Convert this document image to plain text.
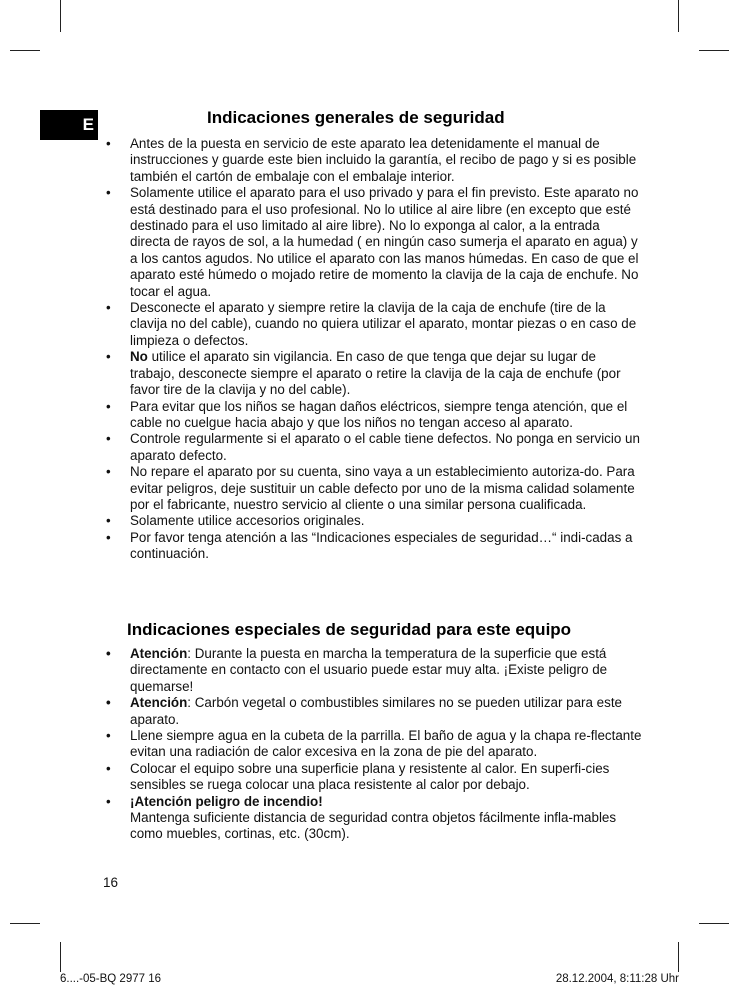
E	Indicaciones generales de seguridad
• Antes de la puesta en servicio de este aparato lea detenidamente el manual de instrucciones y guarde este bien incluido la garantía, el recibo de pago y si es posible también el cartón de embalaje con el embalaje interior.
• Solamente utilice el aparato para el uso privado y para el fin previsto. Este aparato no está destinado para el uso profesional. No lo utilice al aire libre (en excepto que esté destinado para el uso limitado al aire libre). No lo exponga al calor, a la entrada directa de rayos de sol, a la humedad ( en ningún caso sumerja el aparato en agua) y a los cantos agudos. No utilice el aparato con las manos húmedas. En caso de que el aparato esté húmedo o mojado retire de momento la clavija de la caja de enchufe. No tocar el agua.
• Desconecte el aparato y siempre retire la clavija de la caja de enchufe (tire de la clavija no del cable), cuando no quiera utilizar el aparato, montar piezas o en caso de limpieza o defectos.
• No utilice el aparato sin vigilancia. En caso de que tenga que dejar su lugar de trabajo, desconecte siempre el aparato o retire la clavija de la caja de enchufe (por favor tire de la clavija y no del cable).
• Para evitar que los niños se hagan daños eléctricos, siempre tenga atención, que el cable no cuelgue hacia abajo y que los niños no tengan acceso al aparato.
• Controle regularmente si el aparato o el cable tiene defectos. No ponga en servicio un aparato defecto.
• No repare el aparato por su cuenta, sino vaya a un establecimiento autoriza-do. Para evitar peligros, deje sustituir un cable defecto por uno de la misma calidad solamente por el fabricante, nuestro servicio al cliente o una similar persona cualificada.
• Solamente utilice accesorios originales.
• Por favor tenga atención a las “Indicaciones especiales de seguridad…“ indi-cadas a continuación.
Indicaciones especiales de seguridad para este equipo
• Atención: Durante la puesta en marcha la temperatura de la superficie que está directamente en contacto con el usuario puede estar muy alta. ¡Existe peligro de quemarse!
• Atención: Carbón vegetal o combustibles similares no se pueden utilizar para este aparato.
• Llene siempre agua en la cubeta de la parrilla. El baño de agua y la chapa re-flectante evitan una radiación de calor excesiva en la zona de pie del aparato.
• Colocar el equipo sobre una superficie plana y resistente al calor. En superfi-cies sensibles se ruega colocar una placa resistente al calor por debajo.
• ¡Atención peligro de incendio!
Mantenga suficiente distancia de seguridad contra objetos fácilmente infla-mables como muebles, cortinas, etc. (30cm).
16
6....-05-BQ 2977 16	28.12.2004, 8:11:28 Uhr
